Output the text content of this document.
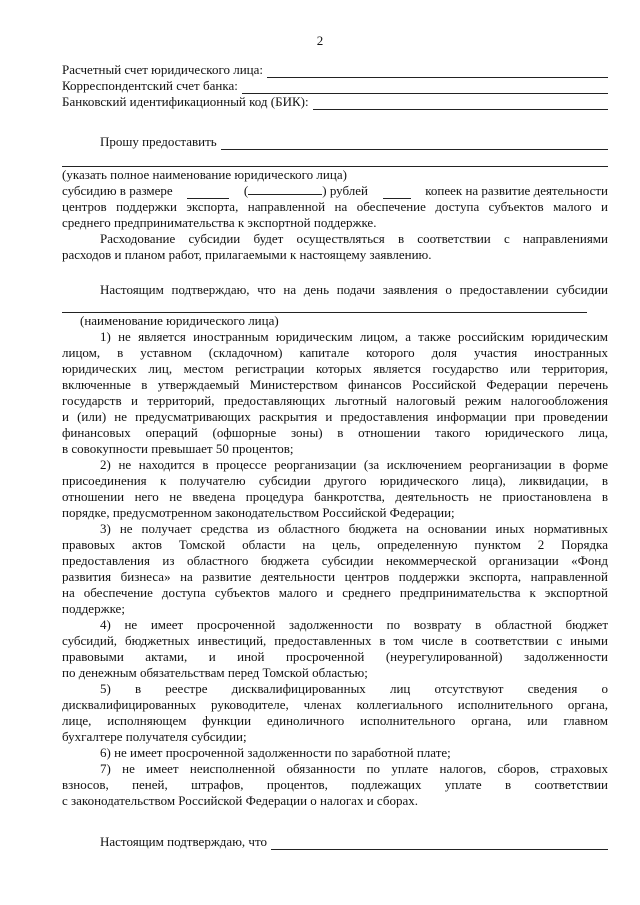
2
Расчетный счет юридического лица:
Корреспондентский счет банка:
Банковский идентификационный код (БИК):
Прошу предоставить
(указать полное наименование юридического лица)
субсидию в размере	(	) рублей	копеек на развитие деятельности
центров поддержки экспорта, направленной на обеспечение доступа субъектов малого и
среднего предпринимательства к экспортной поддержке.
Расходование субсидии будет осуществляться в соответствии с направлениями
расходов и планом работ, прилагаемыми к настоящему заявлению.
Настоящим подтверждаю, что на день подачи заявления о предоставлении субсидии
(наименование юридического лица)
1) не является иностранным юридическим лицом, а также российским юридическим
лицом, в уставном (складочном) капитале которого доля участия иностранных
юридических лиц, местом регистрации которых является государство или территория,
включенные в утверждаемый Министерством финансов Российской Федерации перечень
государств и территорий, предоставляющих льготный налоговый режим налогообложения
и (или) не предусматривающих раскрытия и предоставления информации при проведении
финансовых операций (офшорные зоны) в отношении такого юридического лица,
в совокупности превышает 50 процентов;
2) не находится в процессе реорганизации (за исключением реорганизации в форме
присоединения к получателю субсидии другого юридического лица), ликвидации, в
отношении него не введена процедура банкротства, деятельность не приостановлена в
порядке, предусмотренном законодательством Российской Федерации;
3) не получает средства из областного бюджета на основании иных нормативных
правовых актов Томской области на цель, определенную пунктом 2 Порядка
предоставления из областного бюджета субсидии некоммерческой организации «Фонд
развития бизнеса» на развитие деятельности центров поддержки экспорта, направленной
на обеспечение доступа субъектов малого и среднего предпринимательства к экспортной
поддержке;
4) не имеет просроченной задолженности по возврату в областной бюджет
субсидий, бюджетных инвестиций, предоставленных в том числе в соответствии с иными
правовыми актами, и иной просроченной (неурегулированной) задолженности
по денежным обязательствам перед Томской областью;
5) в реестре дисквалифицированных лиц отсутствуют сведения о
дисквалифицированных руководителе, членах коллегиального исполнительного органа,
лице, исполняющем функции единоличного исполнительного органа, или главном
бухгалтере получателя субсидии;
6) не имеет просроченной задолженности по заработной плате;
7) не имеет неисполненной обязанности по уплате налогов, сборов, страховых
взносов, пеней, штрафов, процентов, подлежащих уплате в соответствии
с законодательством Российской Федерации о налогах и сборах.
Настоящим подтверждаю, что
